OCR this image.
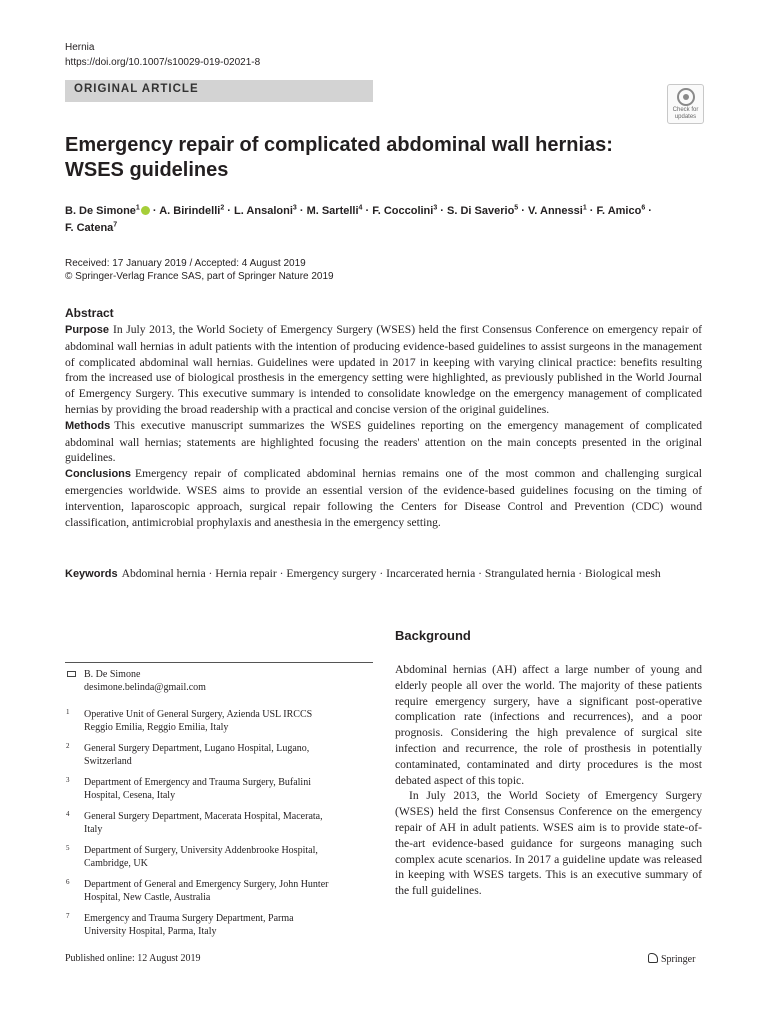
Hernia
https://doi.org/10.1007/s10029-019-02021-8
ORIGINAL ARTICLE
Check for
updates
Emergency repair of complicated abdominal wall hernias: WSES guidelines
B. De Simone$^1$ · A. Birindelli$^2$ · L. Ansaloni$^3$ · M. Sartelli$^4$ · F. Coccolini$^3$ · S. Di Saverio$^5$ · V. Annessi$^1$ · F. Amico$^6$ ·
F. Catena$^7$
Received: 17 January 2019 / Accepted: 4 August 2019
© Springer-Verlag France SAS, part of Springer Nature 2019
Abstract

Purpose In July 2013, the World Society of Emergency Surgery (WSES) held the first Consensus Conference on emergency repair of abdominal wall hernias in adult patients with the intention of producing evidence-based guidelines to assist surgeons in the management of complicated abdominal wall hernias. Guidelines were updated in 2017 in keeping with varying clinical practice: benefits resulting from the increased use of biological prosthesis in the emergency setting were highlighted, as previously published in the World Journal of Emergency Surgery. This executive summary is intended to consolidate knowledge on the emergency management of complicated hernias by providing the broad readership with a practical and concise version of the original guidelines.

Methods This executive manuscript summarizes the WSES guidelines reporting on the emergency management of complicated abdominal wall hernias; statements are highlighted focusing the readers' attention on the main concepts presented in the original guidelines.

Conclusions Emergency repair of complicated abdominal hernias remains one of the most common and challenging surgical emergencies worldwide. WSES aims to provide an essential version of the evidence-based guidelines focusing on the timing of intervention, laparoscopic approach, surgical repair following the Centers for Disease Control and Prevention (CDC) wound classification, antimicrobial prophylaxis and anesthesia in the emergency setting.

Keywords Abdominal hernia · Hernia repair · Emergency surgery · Incarcerated hernia · Strangulated hernia · Biological mesh
B. De Simone
desimone.belinda@gmail.com
1 Operative Unit of General Surgery, Azienda USL IRCCS
Reggio Emilia, Reggio Emilia, Italy
2 General Surgery Department, Lugano Hospital, Lugano,
Switzerland
3 Department of Emergency and Trauma Surgery, Bufalini
Hospital, Cesena, Italy
4 General Surgery Department, Macerata Hospital, Macerata,
Italy
5 Department of Surgery, University Addenbrooke Hospital,
Cambridge, UK
6 Department of General and Emergency Surgery, John Hunter
Hospital, New Castle, Australia
7 Emergency and Trauma Surgery Department, Parma
University Hospital, Parma, Italy
Background

Abdominal hernias (AH) affect a large number of young and elderly people all over the world. The majority of these patients require emergency surgery, have a significant post-operative complication rate (infections and recurrences), and a poor prognosis. Considering the high prevalence of surgical site infection and recurrence, the role of prosthesis in potentially contaminated, contaminated and dirty procedures is the most debated aspect of this topic.

In July 2013, the World Society of Emergency Surgery (WSES) held the first Consensus Conference on the emergency repair of AH in adult patients. WSES aim is to provide state-of-the-art evidence-based guidance for surgeons managing such complex acute scenarios. In 2017 a guideline update was released in keeping with WSES targets. This is an executive summary of the full guidelines.

Published online: 12 August 2019	Springer
